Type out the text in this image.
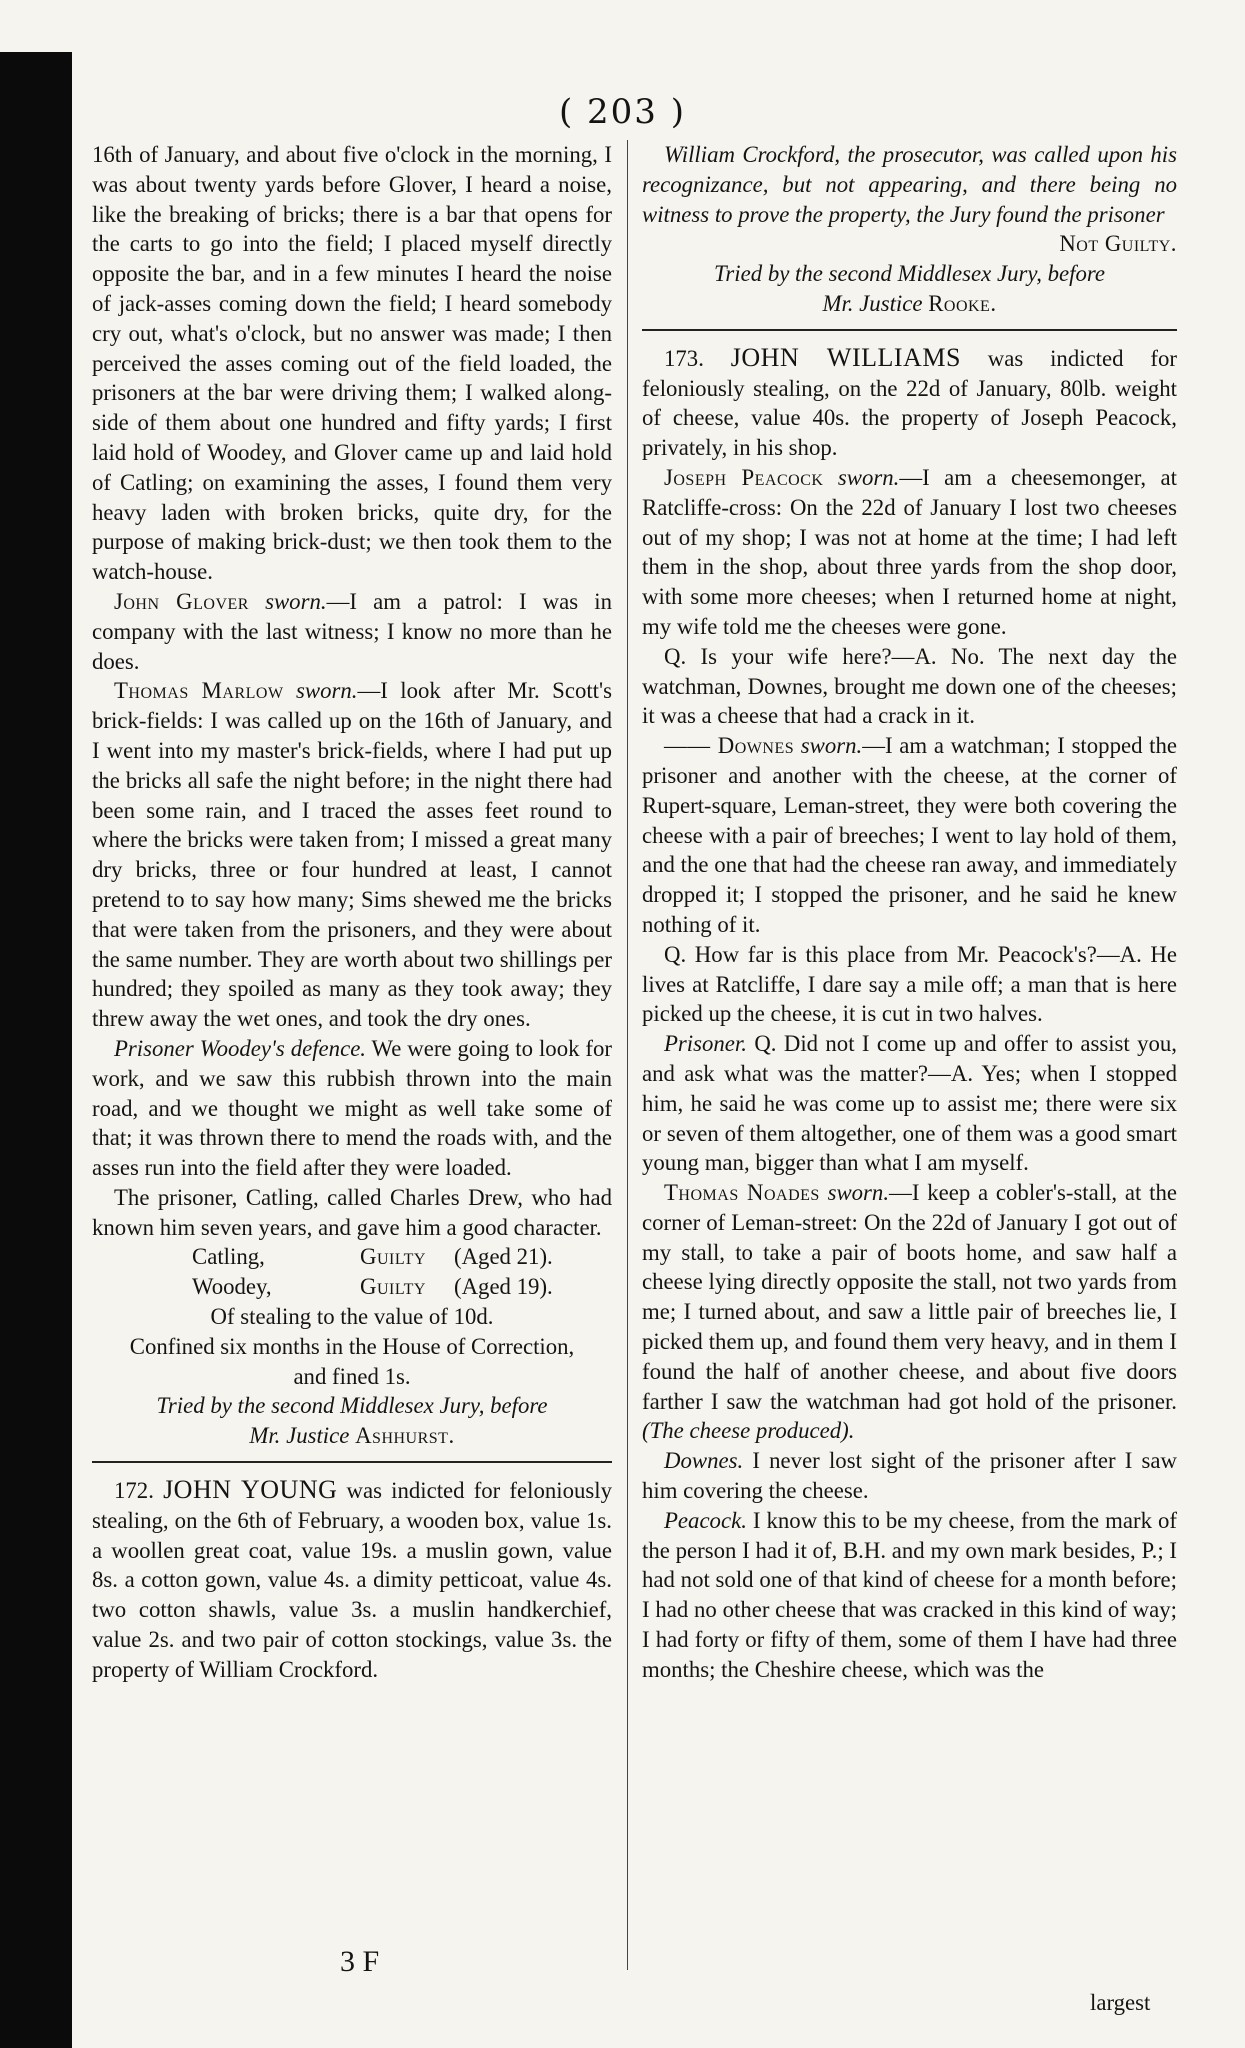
( 203 )

16th of January, and about five o'clock in the morning, I was about twenty yards before Glover, I heard a noise, like the breaking of bricks; there is a bar that opens for the carts to go into the field; I placed myself directly opposite the bar, and in a few minutes I heard the noise of jack-asses coming down the field; I heard somebody cry out, what's o'clock, but no answer was made; I then perceived the asses coming out of the field loaded, the prisoners at the bar were driving them; I walked along-side of them about one hundred and fifty yards; I first laid hold of Woodey, and Glover came up and laid hold of Catling; on examining the asses, I found them very heavy laden with broken bricks, quite dry, for the purpose of making brick-dust; we then took them to the watch-house.

John Glover sworn.—I am a patrol: I was in company with the last witness; I know no more than he does.

Thomas Marlow sworn.—I look after Mr. Scott's brick-fields: I was called up on the 16th of January, and I went into my master's brick-fields, where I had put up the bricks all safe the night before; in the night there had been some rain, and I traced the asses feet round to where the bricks were taken from; I missed a great many dry bricks, three or four hundred at least, I cannot pretend to to say how many; Sims shewed me the bricks that were taken from the prisoners, and they were about the same number. They are worth about two shillings per hundred; they spoiled as many as they took away; they threw away the wet ones, and took the dry ones.

Prisoner Woodey's defence. We were going to look for work, and we saw this rubbish thrown into the main road, and we thought we might as well take some of that; it was thrown there to mend the roads with, and the asses run into the field after they were loaded.

The prisoner, Catling, called Charles Drew, who had known him seven years, and gave him a good character.

Catling,	Guilty (Aged 21).
Woodey,	Guilty (Aged 19).

Of stealing to the value of 10d.

Confined six months in the House of Correction,

and fined 1s.

Tried by the second Middlesex Jury, before

Mr. Justice Ashhurst.

172. JOHN YOUNG was indicted for feloniously stealing, on the 6th of February, a wooden box, value 1s. a woollen great coat, value 19s. a muslin gown, value 8s. a cotton gown, value 4s. a dimity petticoat, value 4s. two cotton shawls, value 3s. a muslin handkerchief, value 2s. and two pair of cotton stockings, value 3s. the property of William Crockford.

William Crockford, the prosecutor, was called upon his recognizance, but not appearing, and there being no witness to prove the property, the Jury found the prisoner

Not Guilty.

Tried by the second Middlesex Jury, before

Mr. Justice Rooke.

173. JOHN WILLIAMS was indicted for feloniously stealing, on the 22d of January, 80lb. weight of cheese, value 40s. the property of Joseph Peacock, privately, in his shop.

Joseph Peacock sworn.—I am a cheesemonger, at Ratcliffe-cross: On the 22d of January I lost two cheeses out of my shop; I was not at home at the time; I had left them in the shop, about three yards from the shop door, with some more cheeses; when I returned home at night, my wife told me the cheeses were gone.

Q. Is your wife here?—A. No. The next day the watchman, Downes, brought me down one of the cheeses; it was a cheese that had a crack in it.

—— Downes sworn.—I am a watchman; I stopped the prisoner and another with the cheese, at the corner of Rupert-square, Leman-street, they were both covering the cheese with a pair of breeches; I went to lay hold of them, and the one that had the cheese ran away, and immediately dropped it; I stopped the prisoner, and he said he knew nothing of it.

Q. How far is this place from Mr. Peacock's?—A. He lives at Ratcliffe, I dare say a mile off; a man that is here picked up the cheese, it is cut in two halves.

Prisoner. Q. Did not I come up and offer to assist you, and ask what was the matter?—A. Yes; when I stopped him, he said he was come up to assist me; there were six or seven of them altogether, one of them was a good smart young man, bigger than what I am myself.

Thomas Noades sworn.—I keep a cobler's-stall, at the corner of Leman-street: On the 22d of January I got out of my stall, to take a pair of boots home, and saw half a cheese lying directly opposite the stall, not two yards from me; I turned about, and saw a little pair of breeches lie, I picked them up, and found them very heavy, and in them I found the half of another cheese, and about five doors farther I saw the watchman had got hold of the prisoner. (The cheese produced).

Downes. I never lost sight of the prisoner after I saw him covering the cheese.

Peacock. I know this to be my cheese, from the mark of the person I had it of, B.H. and my own mark besides, P.; I had not sold one of that kind of cheese for a month before; I had no other cheese that was cracked in this kind of way; I had forty or fifty of them, some of them I have had three months; the Cheshire cheese, which was the

3 F
largest
